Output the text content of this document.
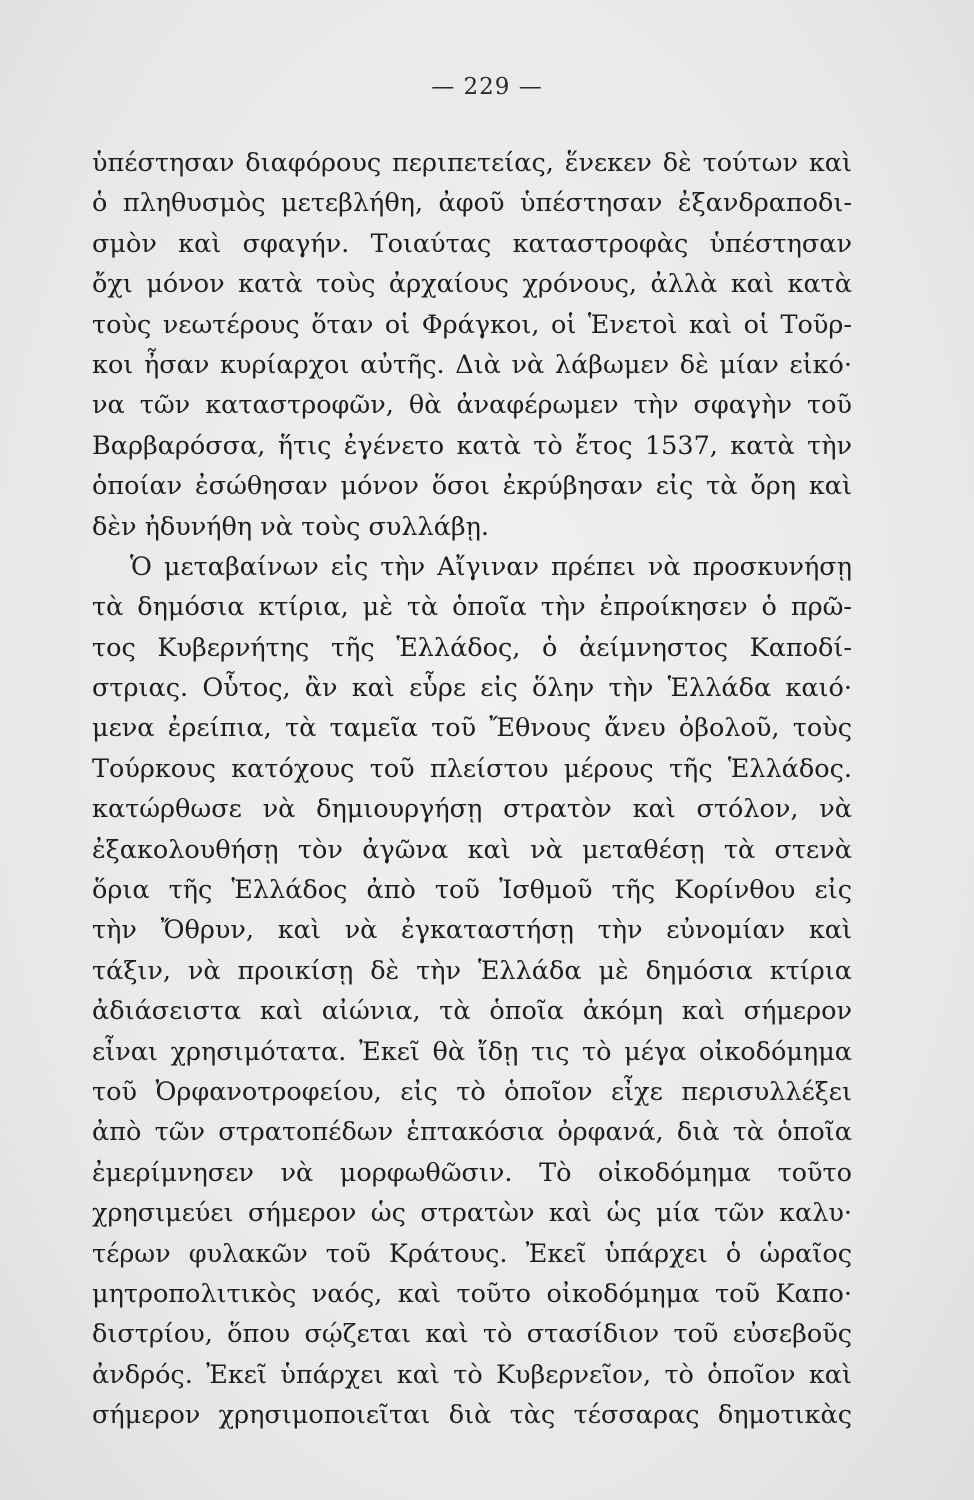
— 229 —
ὑπέστησαν διαφόρους περιπετείας, ἕνεκεν δὲ τούτων καὶ
ὁ πληθυσμὸς μετεβλήθη, ἀφοῦ ὑπέστησαν ἐξανδραποδι-
σμὸν καὶ σφαγήν. Τοιαύτας καταστροφὰς ὑπέστησαν
ὄχι μόνον κατὰ τοὺς ἀρχαίους χρόνους, ἀλλὰ καὶ κατὰ
τοὺς νεωτέρους ὅταν οἱ Φράγκοι, οἱ Ἑνετοὶ καὶ οἱ Τοῦρ-
κοι ἦσαν κυρίαρχοι αὐτῆς. Διὰ νὰ λάβωμεν δὲ μίαν εἰκό·
να τῶν καταστροφῶν, θὰ ἀναφέρωμεν τὴν σφαγὴν τοῦ
Βαρβαρόσσα, ἥτις ἐγένετο κατὰ τὸ ἔτος 1537, κατὰ τὴν
ὁποίαν ἐσώθησαν μόνον ὅσοι ἐκρύβησαν εἰς τὰ ὄρη καὶ
δὲν ἠδυνήθη νὰ τοὺς συλλάβῃ.
Ὁ μεταβαίνων εἰς τὴν Αἴγιναν πρέπει νὰ προσκυνήσῃ
τὰ δημόσια κτίρια, μὲ τὰ ὁποῖα τὴν ἐπροίκησεν ὁ πρῶ-
τος Κυβερνήτης τῆς Ἑλλάδος, ὁ ἀείμνηστος Καποδί-
στριας. Οὗτος, ἂν καὶ εὗρε εἰς ὅλην τὴν Ἑλλάδα καιό·
μενα ἐρείπια, τὰ ταμεῖα τοῦ Ἔθνους ἄνευ ὀβολοῦ, τοὺς
Τούρκους κατόχους τοῦ πλείστου μέρους τῆς Ἑλλάδος.
κατώρθωσε νὰ δημιουργήσῃ στρατὸν καὶ στόλον, νὰ
ἐξακολουθήσῃ τὸν ἀγῶνα καὶ νὰ μεταθέσῃ τὰ στενὰ
ὅρια τῆς Ἑλλάδος ἀπὸ τοῦ Ἰσθμοῦ τῆς Κορίνθου εἰς
τὴν Ὄθρυν, καὶ νὰ ἐγκαταστήσῃ τὴν εὐνομίαν καὶ
τάξιν, νὰ προικίσῃ δὲ τὴν Ἑλλάδα μὲ δημόσια κτίρια
ἀδιάσειστα καὶ αἰώνια, τὰ ὁποῖα ἀκόμη καὶ σήμερον
εἶναι χρησιμότατα. Ἐκεῖ θὰ ἴδῃ τις τὸ μέγα οἰκοδόμημα
τοῦ Ὀρφανοτροφείου, εἰς τὸ ὁποῖον εἶχε περισυλλέξει
ἀπὸ τῶν στρατοπέδων ἑπτακόσια ὀρφανά, διὰ τὰ ὁποῖα
ἐμερίμνησεν νὰ μορφωθῶσιν. Τὸ οἰκοδόμημα τοῦτο
χρησιμεύει σήμερον ὡς στρατὼν καὶ ὡς μία τῶν καλυ·
τέρων φυλακῶν τοῦ Κράτους. Ἐκεῖ ὑπάρχει ὁ ὡραῖος
μητροπολιτικὸς ναός, καὶ τοῦτο οἰκοδόμημα τοῦ Καπο·
διστρίου, ὅπου σῴζεται καὶ τὸ στασίδιον τοῦ εὐσεβοῦς
ἀνδρός. Ἐκεῖ ὑπάρχει καὶ τὸ Κυβερνεῖον, τὸ ὁποῖον καὶ
σήμερον χρησιμοποιεῖται διὰ τὰς τέσσαρας δημοτικὰς
